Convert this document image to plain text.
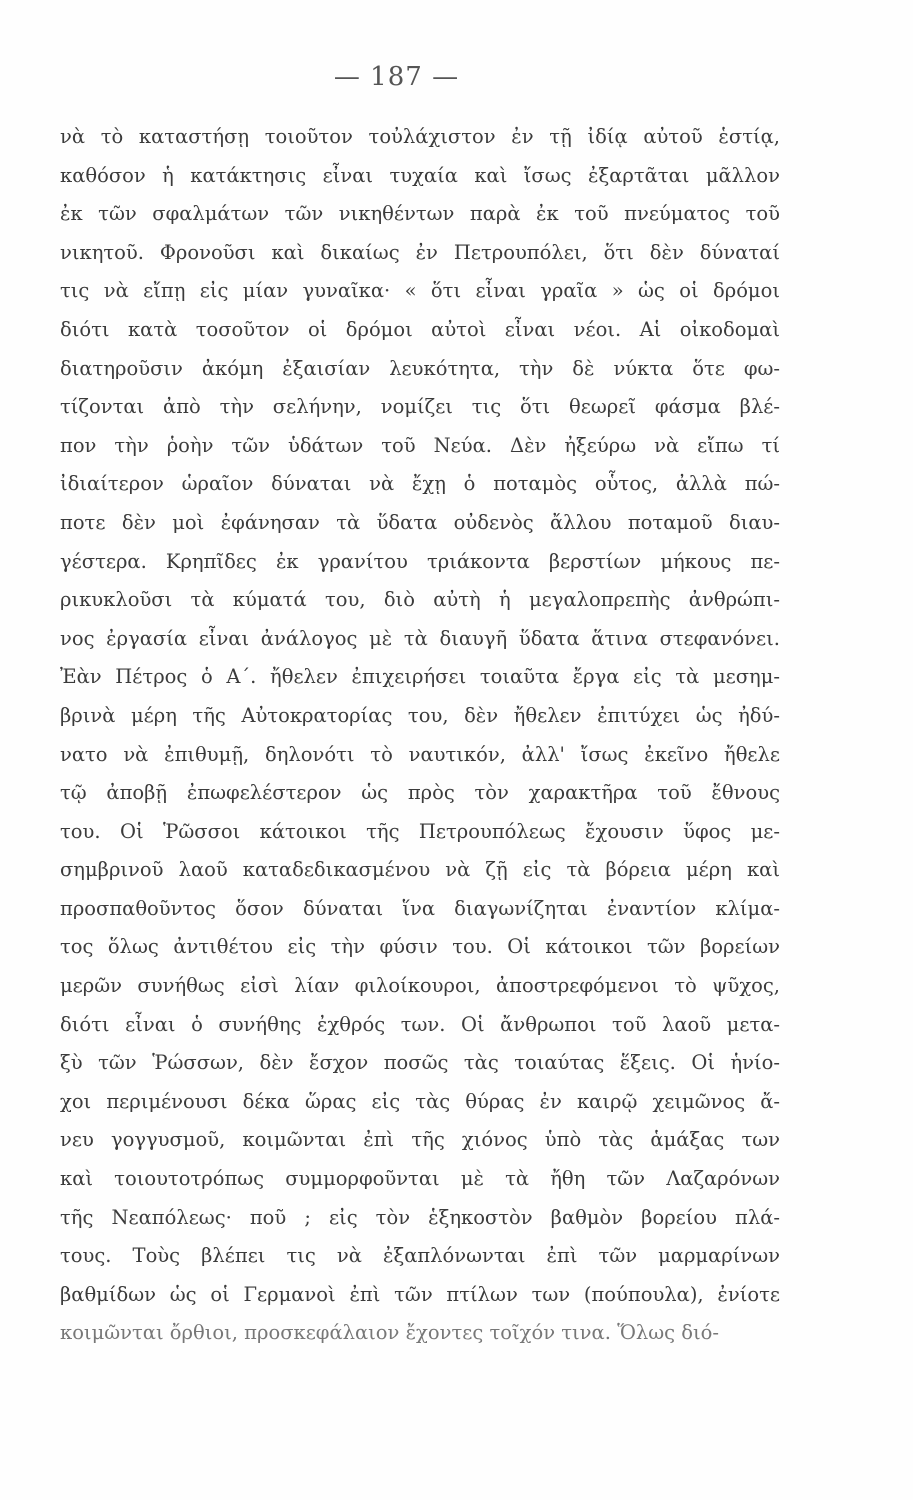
— 187 —
νὰ τὸ καταστήσῃ τοιοῦτον τοὐλάχιστον ἐν τῇ ἰδίᾳ αὐτοῦ ἑστίᾳ,
καθόσον ἡ κατάκτησις εἶναι τυχαία καὶ ἴσως ἐξαρτᾶται μᾶλλον
ἐκ τῶν σφαλμάτων τῶν νικηθέντων παρὰ ἐκ τοῦ πνεύματος τοῦ
νικητοῦ. Φρονοῦσι καὶ δικαίως ἐν Πετρουπόλει, ὅτι δὲν δύναταί
τις νὰ εἴπῃ εἰς μίαν γυναῖκα· « ὅτι εἶναι γραῖα » ὡς οἱ δρόμοι
διότι κατὰ τοσοῦτον οἱ δρόμοι αὐτοὶ εἶναι νέοι. Αἱ οἰκοδομαὶ
διατηροῦσιν ἀκόμη ἐξαισίαν λευκότητα, τὴν δὲ νύκτα ὅτε φω-
τίζονται ἀπὸ τὴν σελήνην, νομίζει τις ὅτι θεωρεῖ φάσμα βλέ-
πον τὴν ῥοὴν τῶν ὑδάτων τοῦ Νεύα. Δὲν ἠξεύρω νὰ εἴπω τί
ἰδιαίτερον ὡραῖον δύναται νὰ ἔχῃ ὁ ποταμὸς οὗτος, ἀλλὰ πώ-
ποτε δὲν μοὶ ἐφάνησαν τὰ ὕδατα οὐδενὸς ἄλλου ποταμοῦ διαυ-
γέστερα. Κρηπῖδες ἐκ γρανίτου τριάκοντα βερστίων μήκους πε-
ρικυκλοῦσι τὰ κύματά του, διὸ αὐτὴ ἡ μεγαλοπρεπὴς ἀνθρώπι-
νος ἐργασία εἶναι ἀνάλογος μὲ τὰ διαυγῆ ὕδατα ἅτινα στεφανόνει.
Ἐὰν Πέτρος ὁ Α΄. ἤθελεν ἐπιχειρήσει τοιαῦτα ἔργα εἰς τὰ μεσημ-
βρινὰ μέρη τῆς Αὐτοκρατορίας του, δὲν ἤθελεν ἐπιτύχει ὡς ἠδύ-
νατο νὰ ἐπιθυμῇ, δηλονότι τὸ ναυτικόν, ἀλλ' ἴσως ἐκεῖνο ἤθελε
τῷ ἀποβῇ ἐπωφελέστερον ὡς πρὸς τὸν χαρακτῆρα τοῦ ἔθνους
του. Οἱ Ῥῶσσοι κάτοικοι τῆς Πετρουπόλεως ἔχουσιν ὕφος με-
σημβρινοῦ λαοῦ καταδεδικασμένου νὰ ζῇ εἰς τὰ βόρεια μέρη καὶ
προσπαθοῦντος ὅσον δύναται ἵνα διαγωνίζηται ἐναντίον κλίμα-
τος ὅλως ἀντιθέτου εἰς τὴν φύσιν του. Οἱ κάτοικοι τῶν βορείων
μερῶν συνήθως εἰσὶ λίαν φιλοίκουροι, ἀποστρεφόμενοι τὸ ψῦχος,
διότι εἶναι ὁ συνήθης ἐχθρός των. Οἱ ἄνθρωποι τοῦ λαοῦ μετα-
ξὺ τῶν Ῥώσσων, δὲν ἔσχον ποσῶς τὰς τοιαύτας ἕξεις. Οἱ ἡνίο-
χοι περιμένουσι δέκα ὥρας εἰς τὰς θύρας ἐν καιρῷ χειμῶνος ἄ-
νευ γογγυσμοῦ, κοιμῶνται ἐπὶ τῆς χιόνος ὑπὸ τὰς ἁμάξας των
καὶ τοιουτοτρόπως συμμορφοῦνται μὲ τὰ ἤθη τῶν Λαζαρόνων
τῆς Νεαπόλεως· ποῦ ; εἰς τὸν ἑξηκοστὸν βαθμὸν βορείου πλά-
τους. Τοὺς βλέπει τις νὰ ἐξαπλόνωνται ἐπὶ τῶν μαρμαρίνων
βαθμίδων ὡς οἱ Γερμανοὶ ἐπὶ τῶν πτίλων των (πούπουλα), ἐνίοτε
κοιμῶνται ὄρθιοι, προσκεφάλαιον ἔχοντες τοῖχόν τινα. Ὅλως διό-
